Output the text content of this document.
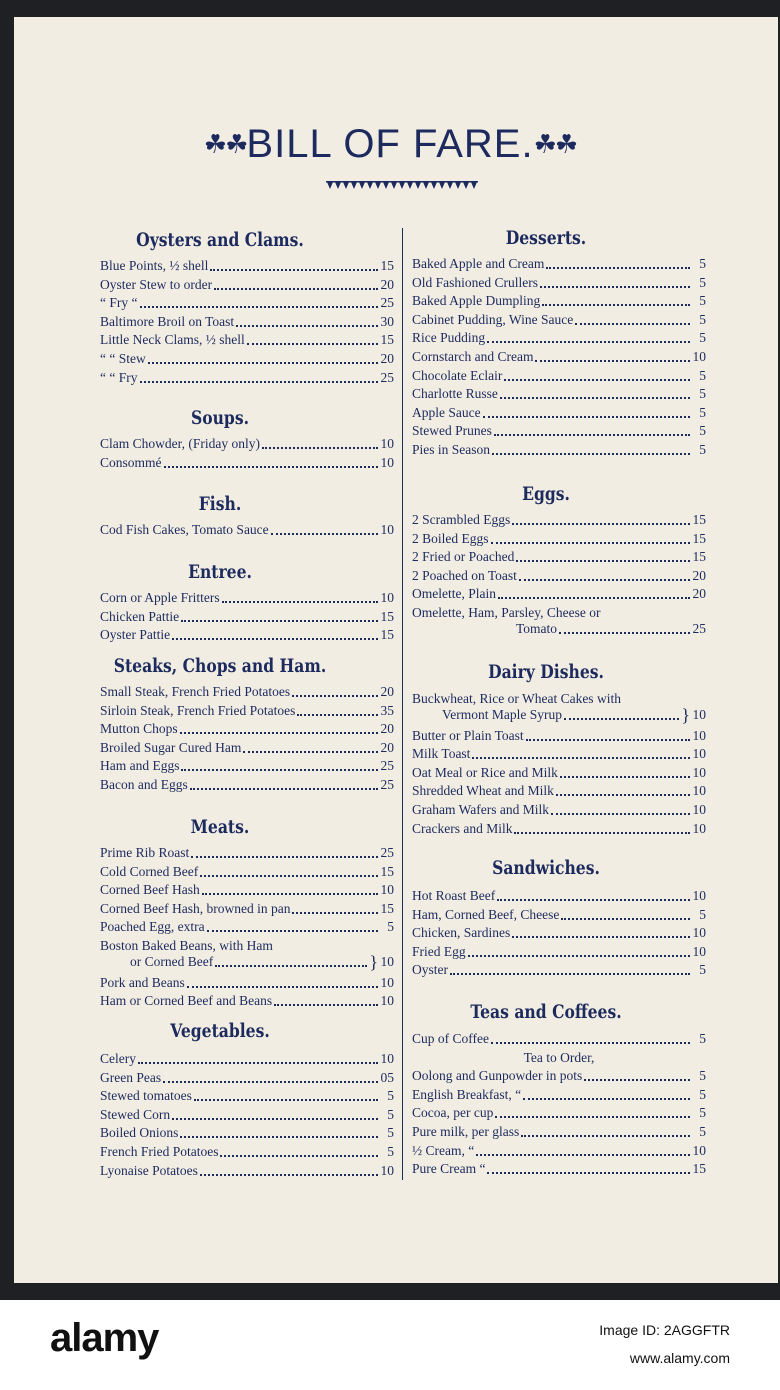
☘☘BILL OF FARE.☘☘
Oysters and Clams.
Blue Points, ½ shell	15
Oyster Stew to order	20
“ Fry “	25
Baltimore Broil on Toast	30
Little Neck Clams, ½ shell	15
“ “ Stew	20
“ “ Fry	25
Soups.
Clam Chowder, (Friday only)	10
Consommé	10
Fish.
Cod Fish Cakes, Tomato Sauce	10
Entree.
Corn or Apple Fritters	10
Chicken Pattie	15
Oyster Pattie	15
Steaks, Chops and Ham.
Small Steak, French Fried Potatoes	20
Sirloin Steak, French Fried Potatoes	35
Mutton Chops	20
Broiled Sugar Cured Ham	20
Ham and Eggs	25
Bacon and Eggs	25
Meats.
Prime Rib Roast	25
Cold Corned Beef	15
Corned Beef Hash	10
Corned Beef Hash, browned in pan	15
Poached Egg, extra	5
Boston Baked Beans, with Ham
or Corned Beef	} 10
Pork and Beans	10
Ham or Corned Beef and Beans	10
Vegetables.
Celery	10
Green Peas	05
Stewed tomatoes	5
Stewed Corn	5
Boiled Onions	5
French Fried Potatoes	5
Lyonaise Potatoes	10
Desserts.
Baked Apple and Cream	5
Old Fashioned Crullers	5
Baked Apple Dumpling	5
Cabinet Pudding, Wine Sauce	5
Rice Pudding	5
Cornstarch and Cream	10
Chocolate Eclair	5
Charlotte Russe	5
Apple Sauce	5
Stewed Prunes	5
Pies in Season	5
Eggs.
2 Scrambled Eggs	15
2 Boiled Eggs	15
2 Fried or Poached	15
2 Poached on Toast	20
Omelette, Plain	20
Omelette, Ham, Parsley, Cheese or
Tomato	25
Dairy Dishes.
Buckwheat, Rice or Wheat Cakes with
Vermont Maple Syrup	} 10
Butter or Plain Toast	10
Milk Toast	10
Oat Meal or Rice and Milk	10
Shredded Wheat and Milk	10
Graham Wafers and Milk	10
Crackers and Milk	10
Sandwiches.
Hot Roast Beef	10
Ham, Corned Beef, Cheese	5
Chicken, Sardines	10
Fried Egg	10
Oyster	5
Teas and Coffees.
Cup of Coffee	5
Tea to Order,
Oolong and Gunpowder in pots	5
English Breakfast, “	5
Cocoa, per cup	5
Pure milk, per glass	5
½ Cream, “	10
Pure Cream “	15
alamy	Image ID: 2AGGFTR
www.alamy.com
